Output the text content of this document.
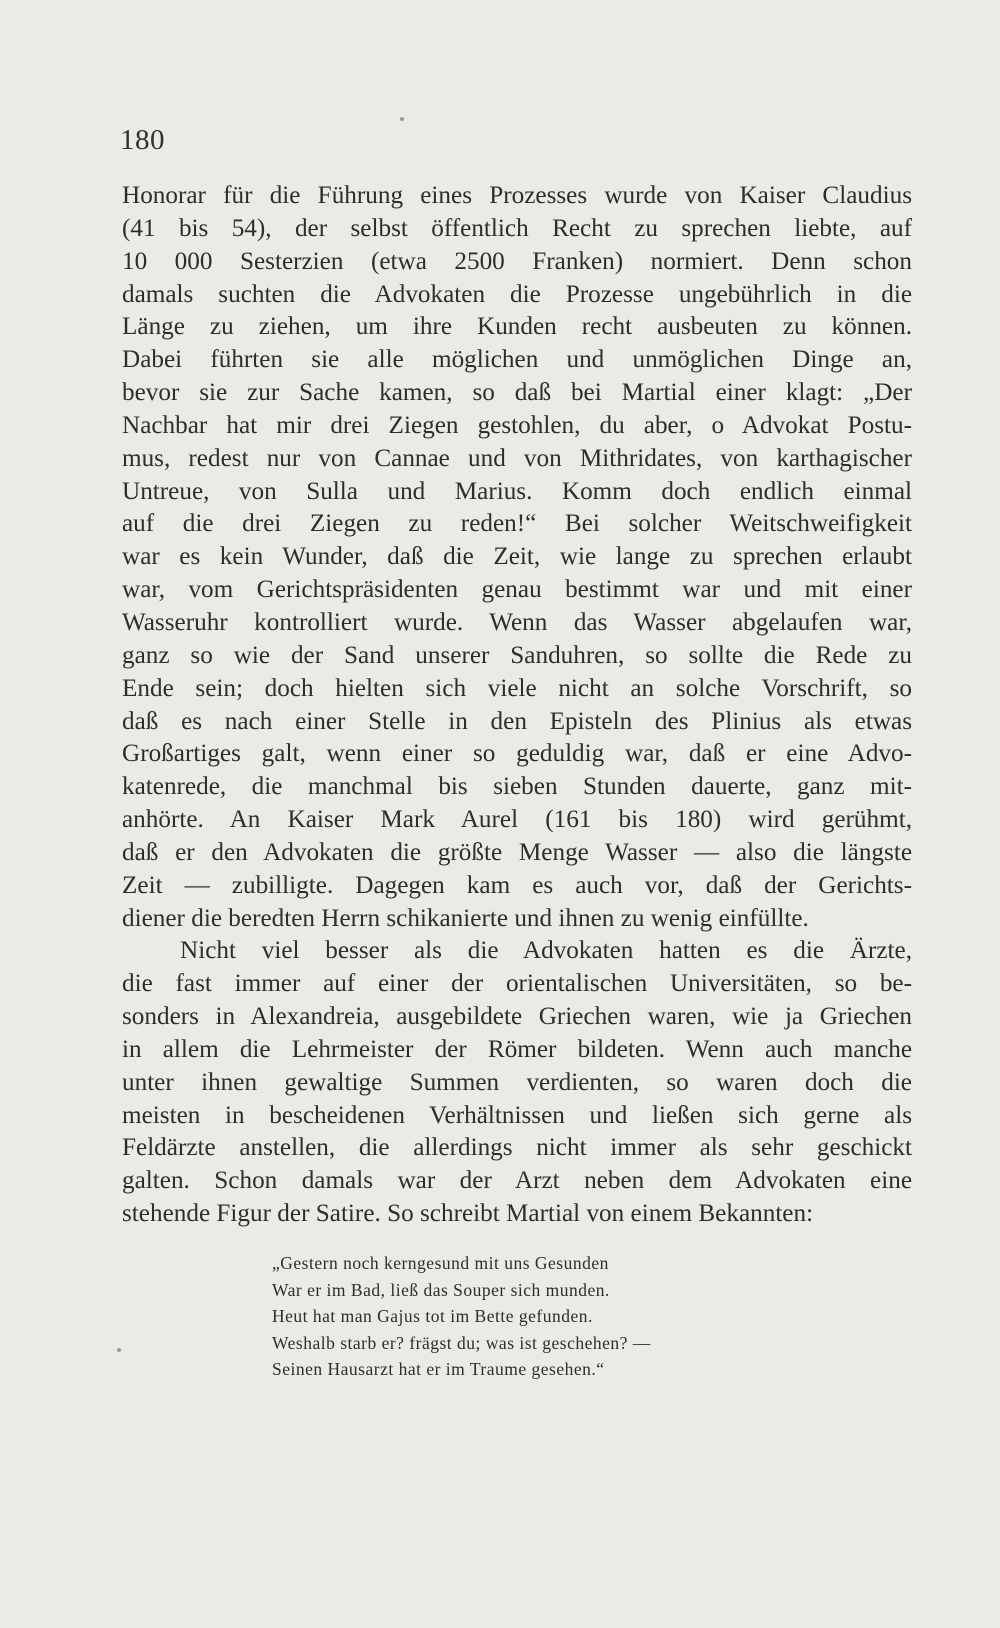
180
Honorar für die Führung eines Prozesses wurde von Kaiser Claudius
(41 bis 54), der selbst öffentlich Recht zu sprechen liebte, auf
10 000 Sesterzien (etwa 2500 Franken) normiert. Denn schon
damals suchten die Advokaten die Prozesse ungebührlich in die
Länge zu ziehen, um ihre Kunden recht ausbeuten zu können.
Dabei führten sie alle möglichen und unmöglichen Dinge an,
bevor sie zur Sache kamen, so daß bei Martial einer klagt: „Der
Nachbar hat mir drei Ziegen gestohlen, du aber, o Advokat Postu-
mus, redest nur von Cannae und von Mithridates, von karthagischer
Untreue, von Sulla und Marius. Komm doch endlich einmal
auf die drei Ziegen zu reden!“ Bei solcher Weitschweifigkeit
war es kein Wunder, daß die Zeit, wie lange zu sprechen erlaubt
war, vom Gerichtspräsidenten genau bestimmt war und mit einer
Wasseruhr kontrolliert wurde. Wenn das Wasser abgelaufen war,
ganz so wie der Sand unserer Sanduhren, so sollte die Rede zu
Ende sein; doch hielten sich viele nicht an solche Vorschrift, so
daß es nach einer Stelle in den Episteln des Plinius als etwas
Großartiges galt, wenn einer so geduldig war, daß er eine Advo-
katenrede, die manchmal bis sieben Stunden dauerte, ganz mit-
anhörte. An Kaiser Mark Aurel (161 bis 180) wird gerühmt,
daß er den Advokaten die größte Menge Wasser — also die längste
Zeit — zubilligte. Dagegen kam es auch vor, daß der Gerichts-
diener die beredten Herrn schikanierte und ihnen zu wenig einfüllte.
Nicht viel besser als die Advokaten hatten es die Ärzte,
die fast immer auf einer der orientalischen Universitäten, so be-
sonders in Alexandreia, ausgebildete Griechen waren, wie ja Griechen
in allem die Lehrmeister der Römer bildeten. Wenn auch manche
unter ihnen gewaltige Summen verdienten, so waren doch die
meisten in bescheidenen Verhältnissen und ließen sich gerne als
Feldärzte anstellen, die allerdings nicht immer als sehr geschickt
galten. Schon damals war der Arzt neben dem Advokaten eine
stehende Figur der Satire. So schreibt Martial von einem Bekannten:
„Gestern noch kerngesund mit uns Gesunden
War er im Bad, ließ das Souper sich munden.
Heut hat man Gajus tot im Bette gefunden.
Weshalb starb er? frägst du; was ist geschehen? —
Seinen Hausarzt hat er im Traume gesehen.“
